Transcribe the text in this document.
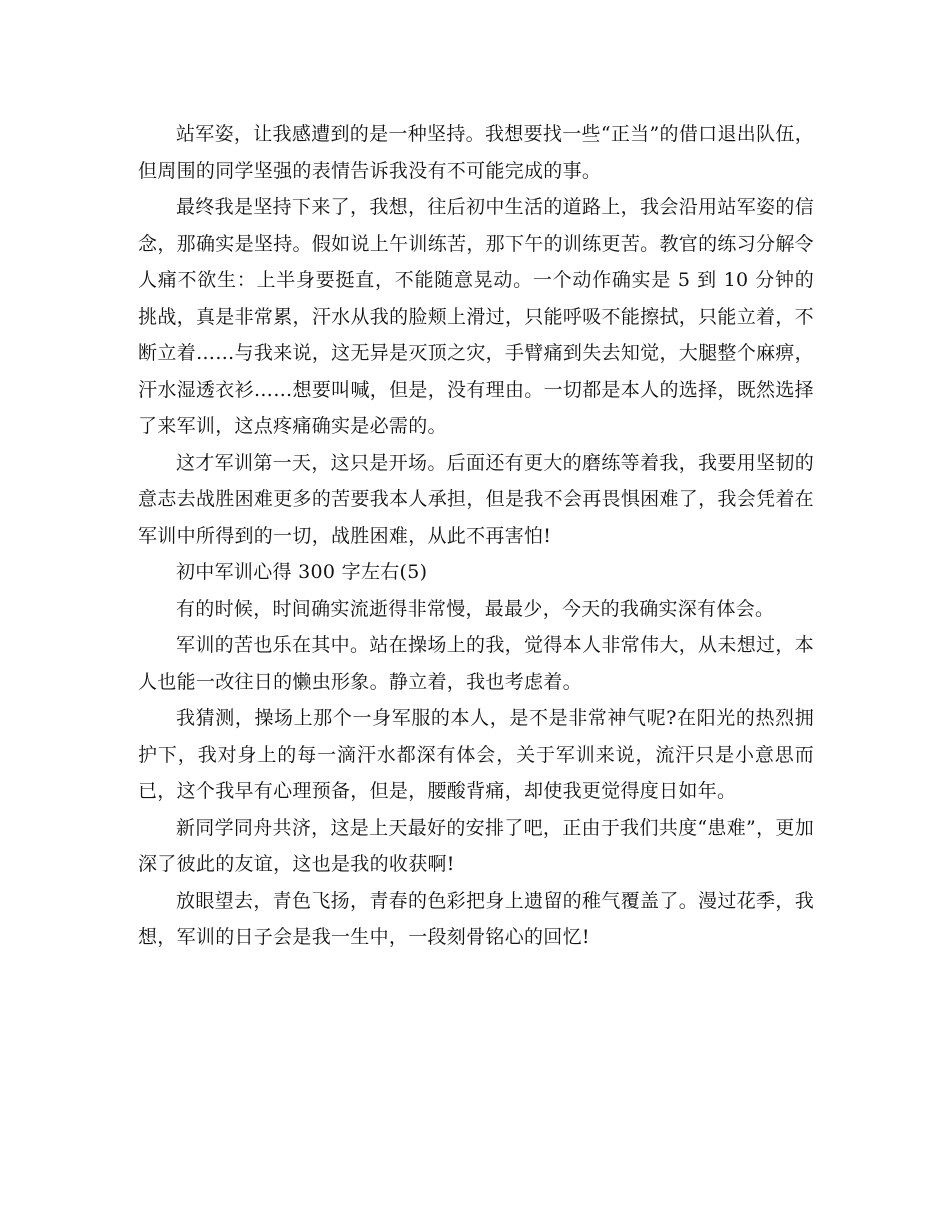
站军姿，让我感遭到的是一种坚持。我想要找一些“正当”的借口退出队伍，但周围的同学坚强的表情告诉我没有不可能完成的事。

最终我是坚持下来了，我想，往后初中生活的道路上，我会沿用站军姿的信念，那确实是坚持。假如说上午训练苦，那下午的训练更苦。教官的练习分解令人痛不欲生：上半身要挺直，不能随意晃动。一个动作确实是 5 到 10 分钟的挑战，真是非常累，汗水从我的脸颊上滑过，只能呼吸不能擦拭，只能立着，不断立着……与我来说，这无异是灭顶之灾，手臂痛到失去知觉，大腿整个麻痹，汗水湿透衣衫……想要叫喊，但是，没有理由。一切都是本人的选择，既然选择了来军训，这点疼痛确实是必需的。

这才军训第一天，这只是开场。后面还有更大的磨练等着我，我要用坚韧的意志去战胜困难更多的苦要我本人承担，但是我不会再畏惧困难了，我会凭着在军训中所得到的一切，战胜困难，从此不再害怕!

初中军训心得 300 字左右(5)

有的时候，时间确实流逝得非常慢，最最少，今天的我确实深有体会。

军训的苦也乐在其中。站在操场上的我，觉得本人非常伟大，从未想过，本人也能一改往日的懒虫形象。静立着，我也考虑着。

我猜测，操场上那个一身军服的本人，是不是非常神气呢?在阳光的热烈拥护下，我对身上的每一滴汗水都深有体会，关于军训来说，流汗只是小意思而已，这个我早有心理预备，但是，腰酸背痛，却使我更觉得度日如年。

新同学同舟共济，这是上天最好的安排了吧，正由于我们共度“患难”，更加深了彼此的友谊，这也是我的收获啊!

放眼望去，青色飞扬，青春的色彩把身上遗留的稚气覆盖了。漫过花季，我想，军训的日子会是我一生中，一段刻骨铭心的回忆!
